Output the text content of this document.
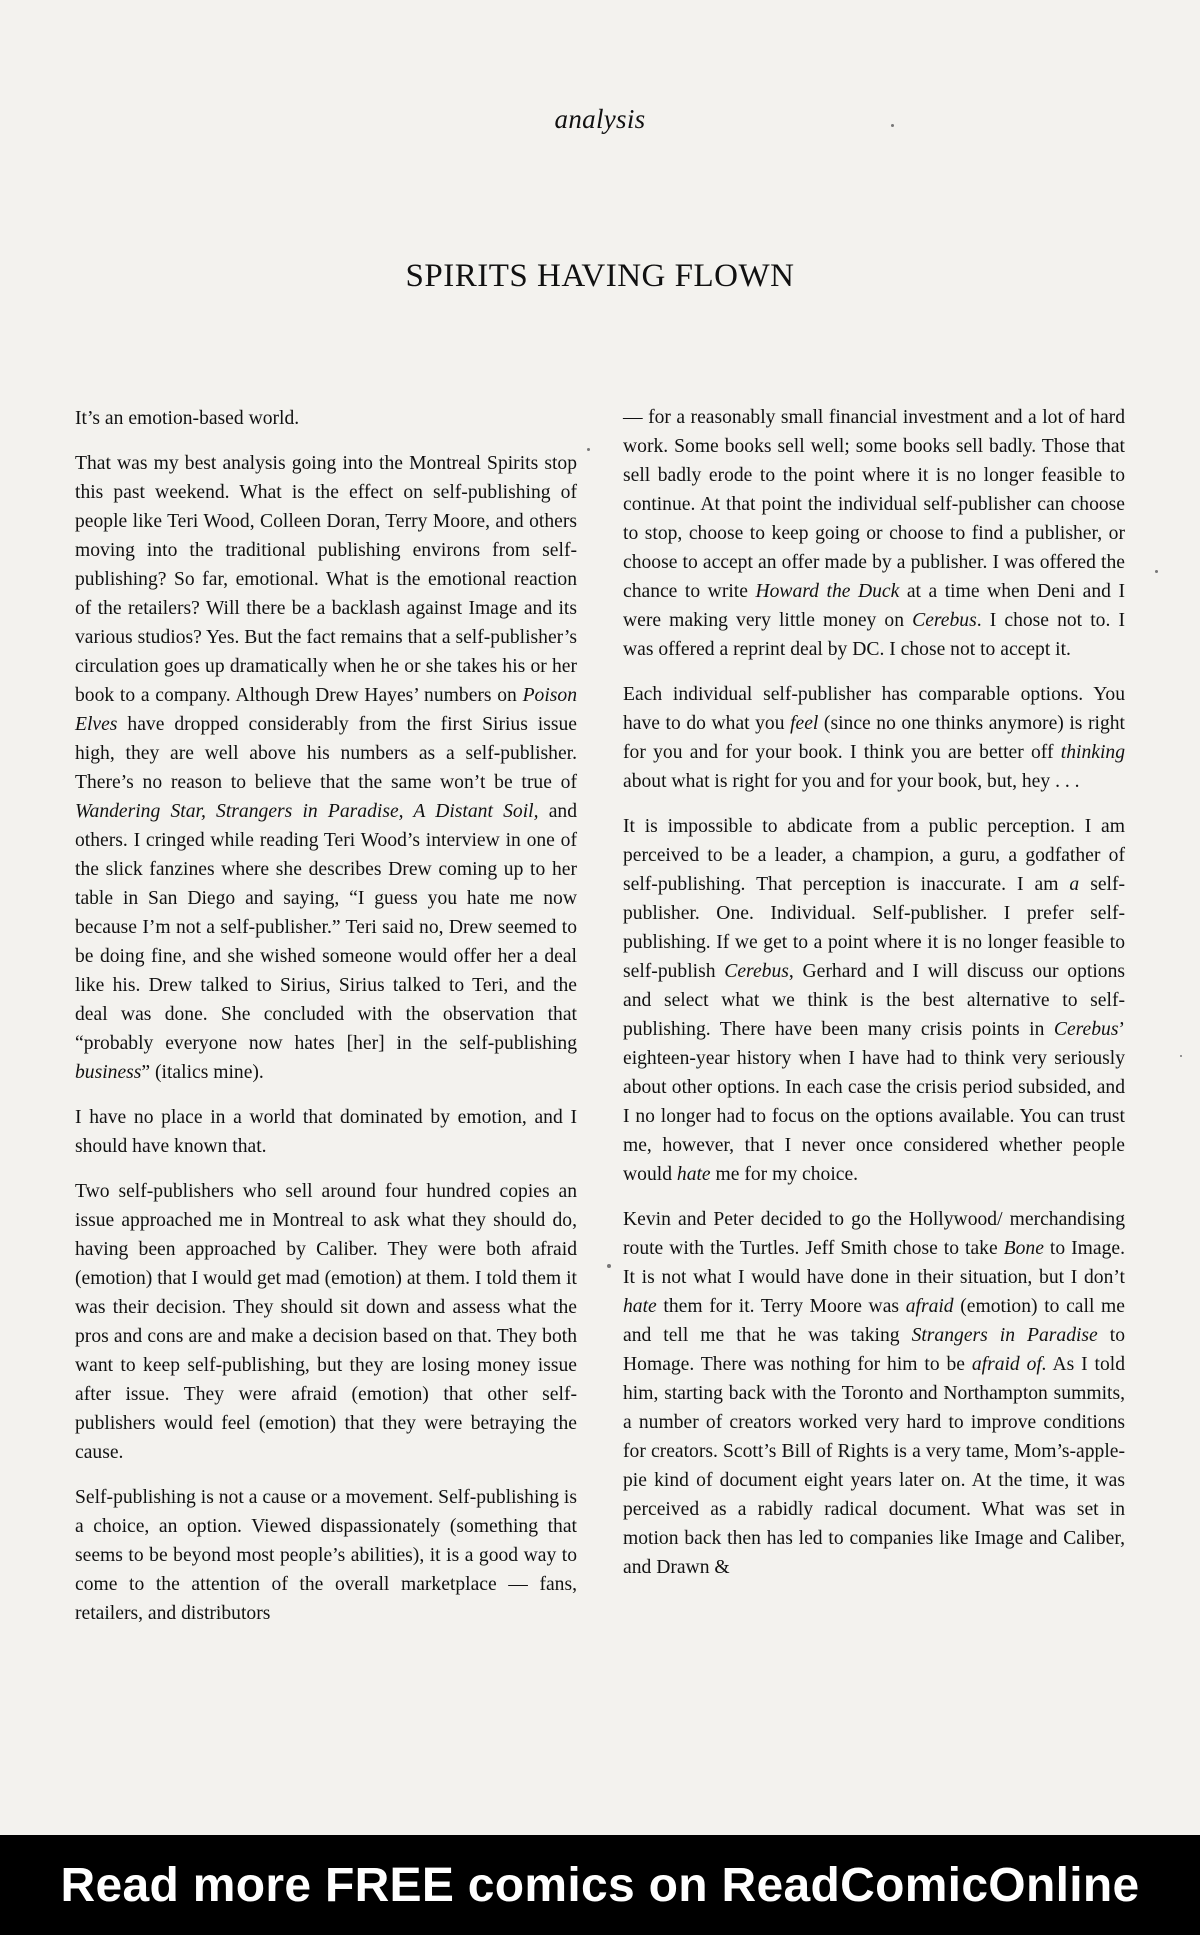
analysis
SPIRITS HAVING FLOWN

It’s an emotion-based world.

That was my best analysis going into the Montreal Spirits stop this past weekend. What is the effect on self-publishing of people like Teri Wood, Colleen Doran, Terry Moore, and others moving into the traditional publishing environs from self-publishing? So far, emotional. What is the emotional reaction of the retailers? Will there be a backlash against Image and its various studios? Yes. But the fact remains that a self-publisher’s circulation goes up dramatically when he or she takes his or her book to a company. Although Drew Hayes’ numbers on Poison Elves have dropped considerably from the first Sirius issue high, they are well above his numbers as a self-publisher. There’s no reason to believe that the same won’t be true of Wandering Star, Strangers in Paradise, A Distant Soil, and others. I cringed while reading Teri Wood’s interview in one of the slick fanzines where she describes Drew coming up to her table in San Diego and saying, “I guess you hate me now because I’m not a self-publisher.” Teri said no, Drew seemed to be doing fine, and she wished someone would offer her a deal like his. Drew talked to Sirius, Sirius talked to Teri, and the deal was done. She concluded with the observation that “probably everyone now hates [her] in the self-publishing business” (italics mine).

I have no place in a world that dominated by emotion, and I should have known that.

Two self-publishers who sell around four hundred copies an issue approached me in Montreal to ask what they should do, having been approached by Caliber. They were both afraid (emotion) that I would get mad (emotion) at them. I told them it was their decision. They should sit down and assess what the pros and cons are and make a decision based on that. They both want to keep self-publishing, but they are losing money issue after issue. They were afraid (emotion) that other self-publishers would feel (emotion) that they were betraying the cause.

Self-publishing is not a cause or a movement. Self-publishing is a choice, an option. Viewed dispassionately (something that seems to be beyond most people’s abilities), it is a good way to come to the attention of the overall marketplace — fans, retailers, and distributors

— for a reasonably small financial investment and a lot of hard work. Some books sell well; some books sell badly. Those that sell badly erode to the point where it is no longer feasible to continue. At that point the individual self-publisher can choose to stop, choose to keep going or choose to find a publisher, or choose to accept an offer made by a publisher. I was offered the chance to write Howard the Duck at a time when Deni and I were making very little money on Cerebus. I chose not to. I was offered a reprint deal by DC. I chose not to accept it.

Each individual self-publisher has comparable options. You have to do what you feel (since no one thinks anymore) is right for you and for your book. I think you are better off thinking about what is right for you and for your book, but, hey . . .

It is impossible to abdicate from a public perception. I am perceived to be a leader, a champion, a guru, a godfather of self-publishing. That perception is inaccurate. I am a self-publisher. One. Individual. Self-publisher. I prefer self-publishing. If we get to a point where it is no longer feasible to self-publish Cerebus, Gerhard and I will discuss our options and select what we think is the best alternative to self-publishing. There have been many crisis points in Cerebus’ eighteen-year history when I have had to think very seriously about other options. In each case the crisis period subsided, and I no longer had to focus on the options available. You can trust me, however, that I never once considered whether people would hate me for my choice.

Kevin and Peter decided to go the Hollywood/ merchandising route with the Turtles. Jeff Smith chose to take Bone to Image. It is not what I would have done in their situation, but I don’t hate them for it. Terry Moore was afraid (emotion) to call me and tell me that he was taking Strangers in Paradise to Homage. There was nothing for him to be afraid of. As I told him, starting back with the Toronto and Northampton summits, a number of creators worked very hard to improve conditions for creators. Scott’s Bill of Rights is a very tame, Mom’s-apple-pie kind of document eight years later on. At the time, it was perceived as a rabidly radical document. What was set in motion back then has led to companies like Image and Caliber, and Drawn &

Read more FREE comics on ReadComicOnline
